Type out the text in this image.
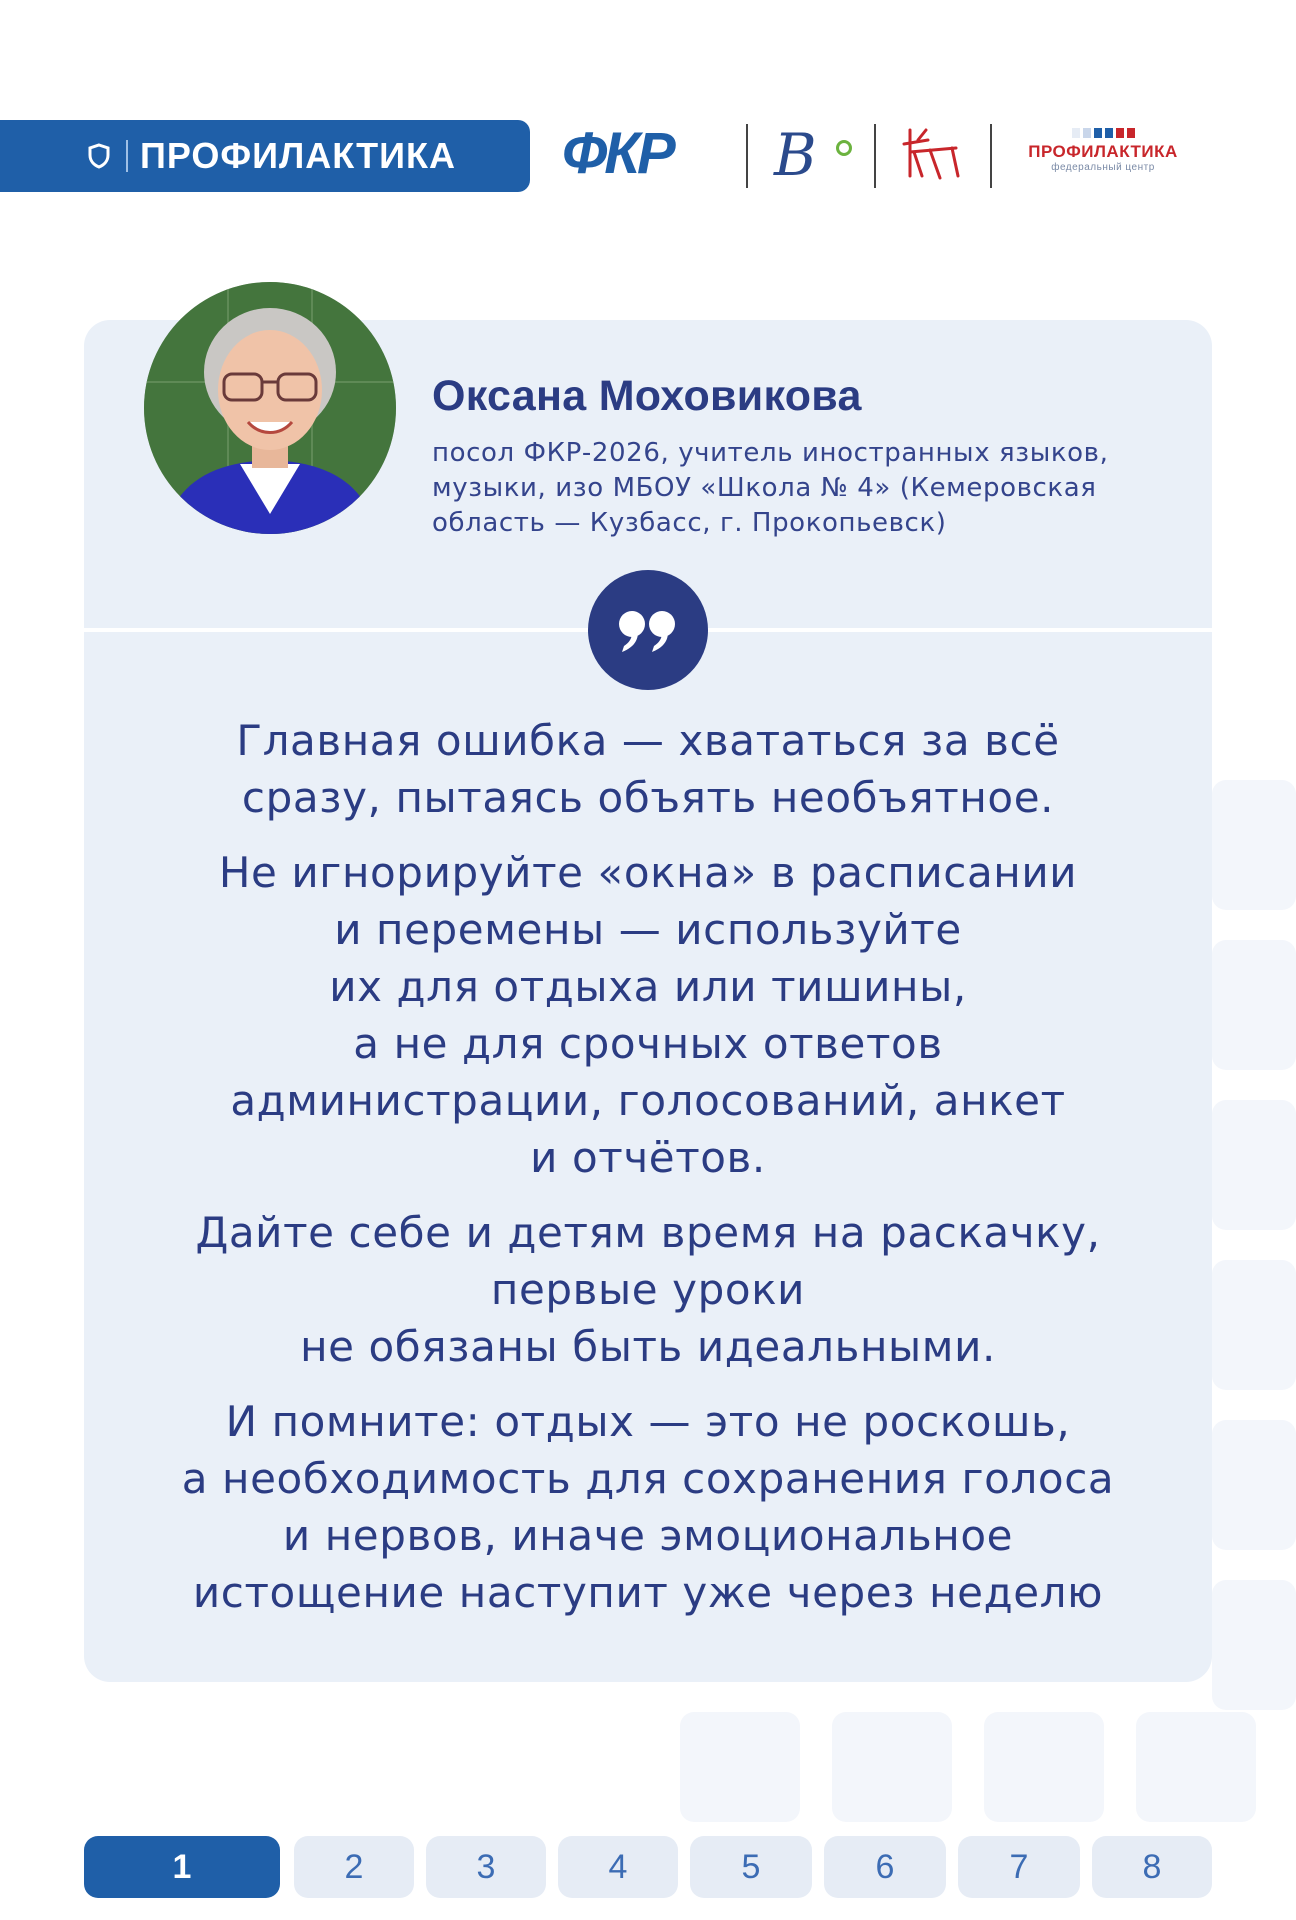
ПРОФИЛАКТИКА ФКР B	ПРОФИЛАКТИКА
федеральный центр
Оксана Моховикова
посол ФКР-2026, учитель иностранных языков, музыки, изо МБОУ «Школа № 4» (Кемеровская область — Кузбасс, г. Прокопьевск)

Главная ошибка — хвататься за всё
сразу, пытаясь объять необъятное.

Не игнорируйте «окна» в расписании
и перемены — используйте
их для отдыха или тишины,
а не для срочных ответов
администрации, голосований, анкет
и отчётов.

Дайте себе и детям время на раскачку,
первые уроки
не обязаны быть идеальными.

И помните: отдых — это не роскошь,
а необходимость для сохранения голоса
и нервов, иначе эмоциональное
истощение наступит уже через неделю

1	2	3	4	5	6	7	8
